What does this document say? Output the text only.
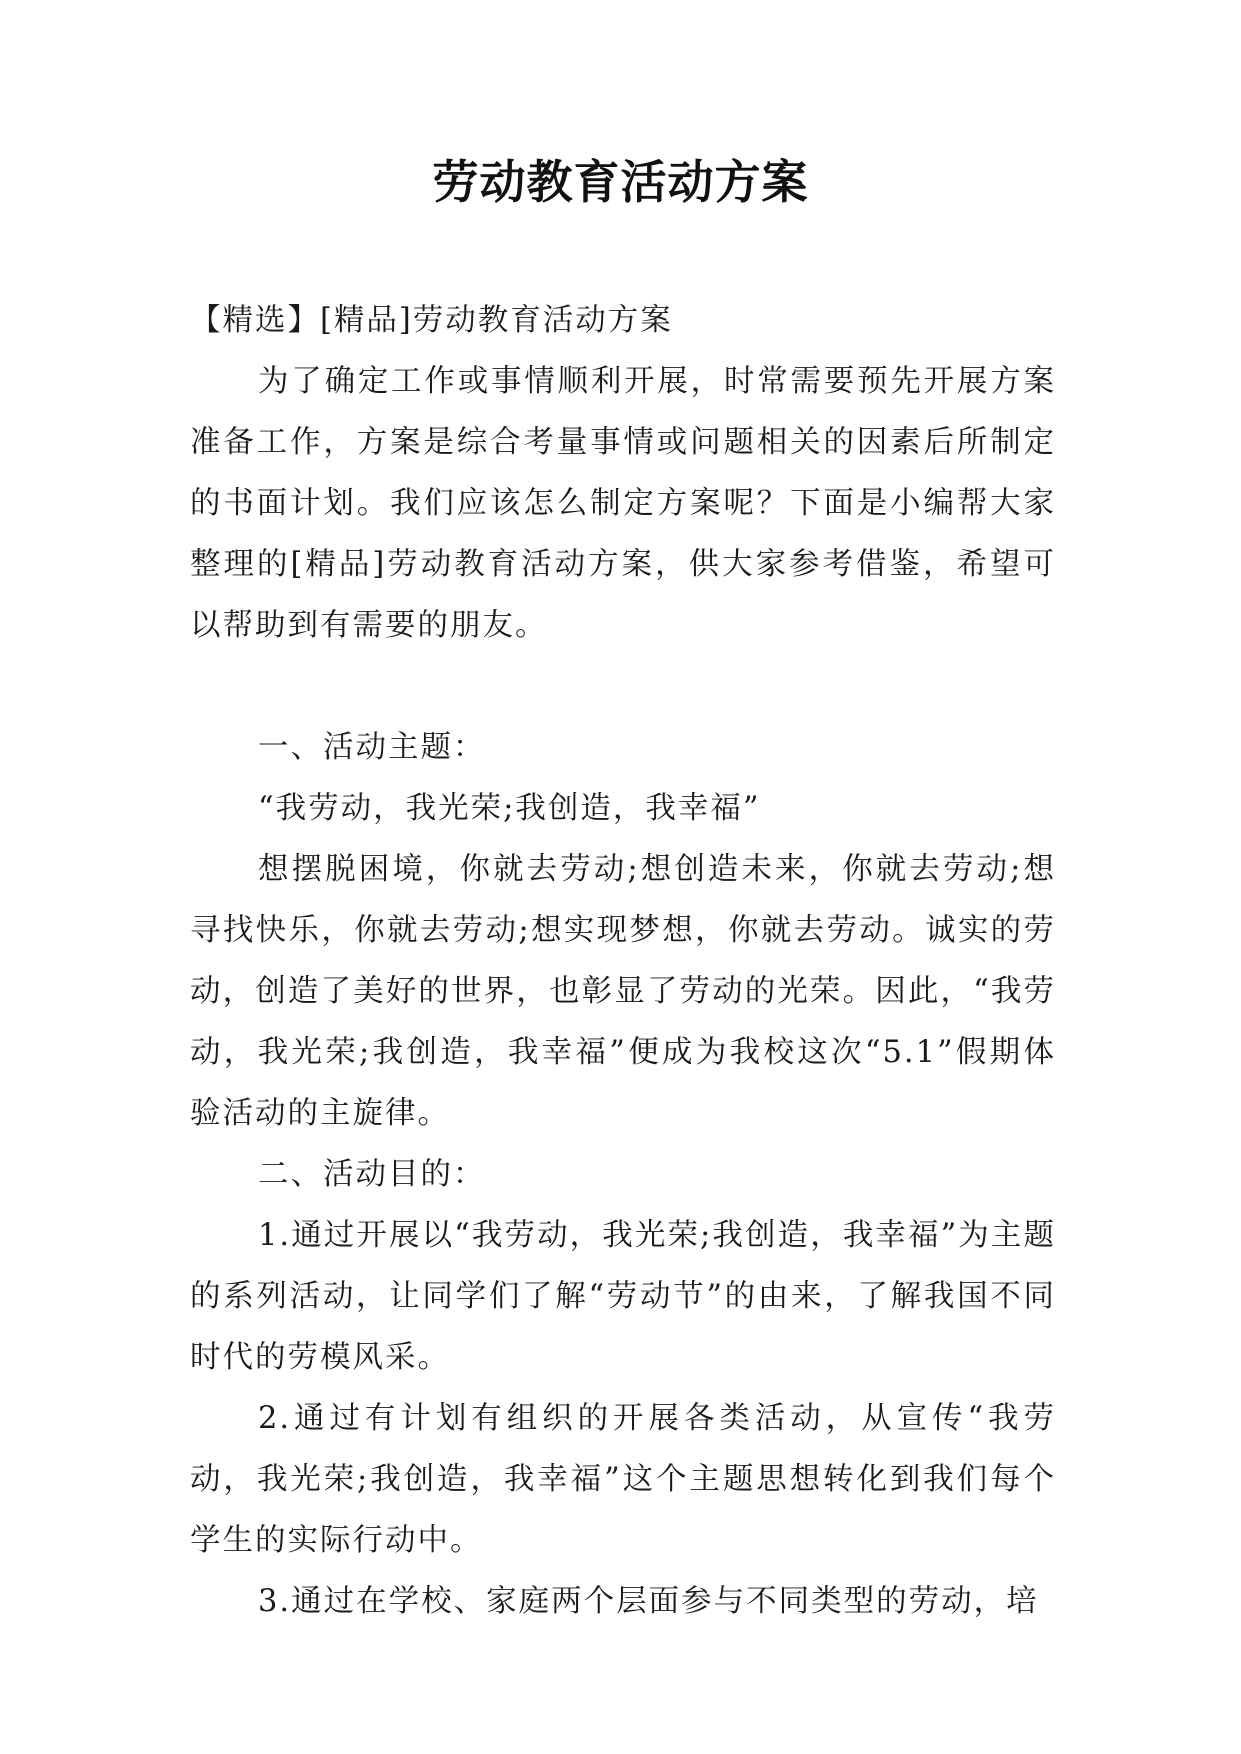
劳动教育活动方案

【精选】[精品]劳动教育活动方案

为了确定工作或事情顺利开展，时常需要预先开展方案准备工作，方案是综合考量事情或问题相关的因素后所制定的书面计划。我们应该怎么制定方案呢？下面是小编帮大家整理的[精品]劳动教育活动方案，供大家参考借鉴，希望可以帮助到有需要的朋友。

一、活动主题：

“我劳动，我光荣;我创造，我幸福”

想摆脱困境，你就去劳动;想创造未来，你就去劳动;想寻找快乐，你就去劳动;想实现梦想，你就去劳动。诚实的劳动，创造了美好的世界，也彰显了劳动的光荣。因此，“我劳动，我光荣;我创造，我幸福”便成为我校这次“5.1”假期体验活动的主旋律。

二、活动目的：

1.通过开展以“我劳动，我光荣;我创造，我幸福”为主题的系列活动，让同学们了解“劳动节”的由来，了解我国不同时代的劳模风采。

2.通过有计划有组织的开展各类活动，从宣传“我劳动，我光荣;我创造，我幸福”这个主题思想转化到我们每个学生的实际行动中。

3.通过在学校、家庭两个层面参与不同类型的劳动，培
